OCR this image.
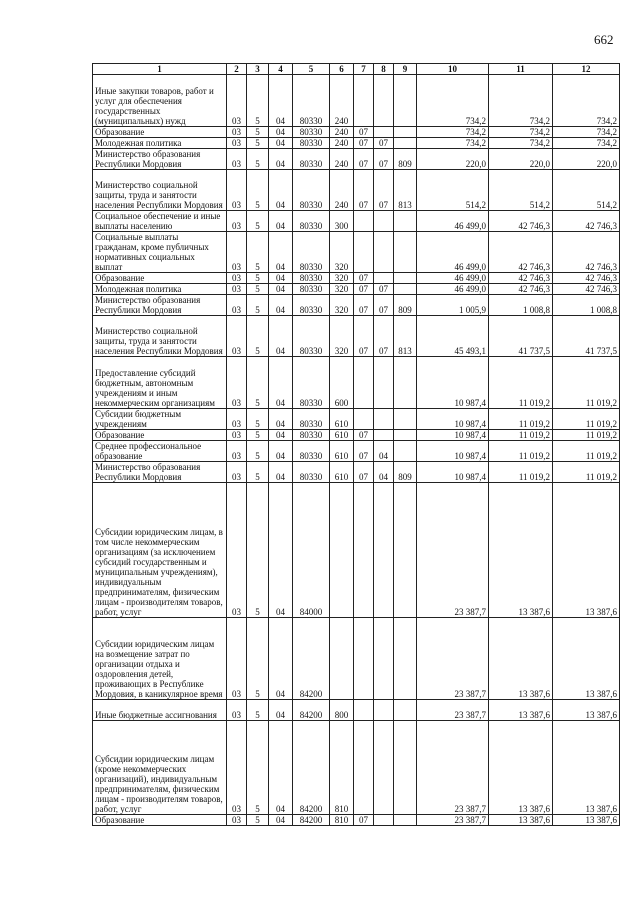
662
1	2	3	4	5	6	7	8	9	10	11	12
Иные закупки товаров, работ и услуг для обеспечения государственных (муниципальных) нужд	03	5	04	80330	240				734,2	734,2	734,2
Образование	03	5	04	80330	240	07			734,2	734,2	734,2
Молодежная политика	03	5	04	80330	240	07	07		734,2	734,2	734,2
Министерство образования Республики Мордовия	03	5	04	80330	240	07	07	809	220,0	220,0	220,0
Министерство социальной защиты, труда и занятости населения Республики Мордовия	03	5	04	80330	240	07	07	813	514,2	514,2	514,2
Социальное обеспечение и иные выплаты населению	03	5	04	80330	300				46 499,0	42 746,3	42 746,3
Социальные выплаты гражданам, кроме публичных нормативных социальных выплат	03	5	04	80330	320				46 499,0	42 746,3	42 746,3
Образование	03	5	04	80330	320	07			46 499,0	42 746,3	42 746,3
Молодежная политика	03	5	04	80330	320	07	07		46 499,0	42 746,3	42 746,3
Министерство образования Республики Мордовия	03	5	04	80330	320	07	07	809	1 005,9	1 008,8	1 008,8
Министерство социальной защиты, труда и занятости населения Республики Мордовия	03	5	04	80330	320	07	07	813	45 493,1	41 737,5	41 737,5
Предоставление субсидий бюджетным, автономным учреждениям и иным некоммерческим организациям	03	5	04	80330	600				10 987,4	11 019,2	11 019,2
Субсидии бюджетным учреждениям	03	5	04	80330	610				10 987,4	11 019,2	11 019,2
Образование	03	5	04	80330	610	07			10 987,4	11 019,2	11 019,2
Среднее профессиональное образование	03	5	04	80330	610	07	04		10 987,4	11 019,2	11 019,2
Министерство образования Республики Мордовия	03	5	04	80330	610	07	04	809	10 987,4	11 019,2	11 019,2
Субсидии юридическим лицам, в том числе некоммерческим организациям (за исключением субсидий государственным и муниципальным учреждениям), индивидуальным предпринимателям, физическим лицам - производителям товаров, работ, услуг	03	5	04	84000					23 387,7	13 387,6	13 387,6
Субсидии юридическим лицам на возмещение затрат по организации отдыха и оздоровления детей, проживающих в Республике Мордовия, в каникулярное время	03	5	04	84200					23 387,7	13 387,6	13 387,6
Иные бюджетные ассигнования	03	5	04	84200	800				23 387,7	13 387,6	13 387,6
Субсидии юридическим лицам (кроме некоммерческих организаций), индивидуальным предпринимателям, физическим лицам - производителям товаров, работ, услуг	03	5	04	84200	810				23 387,7	13 387,6	13 387,6
Образование	03	5	04	84200	810	07			23 387,7	13 387,6	13 387,6
